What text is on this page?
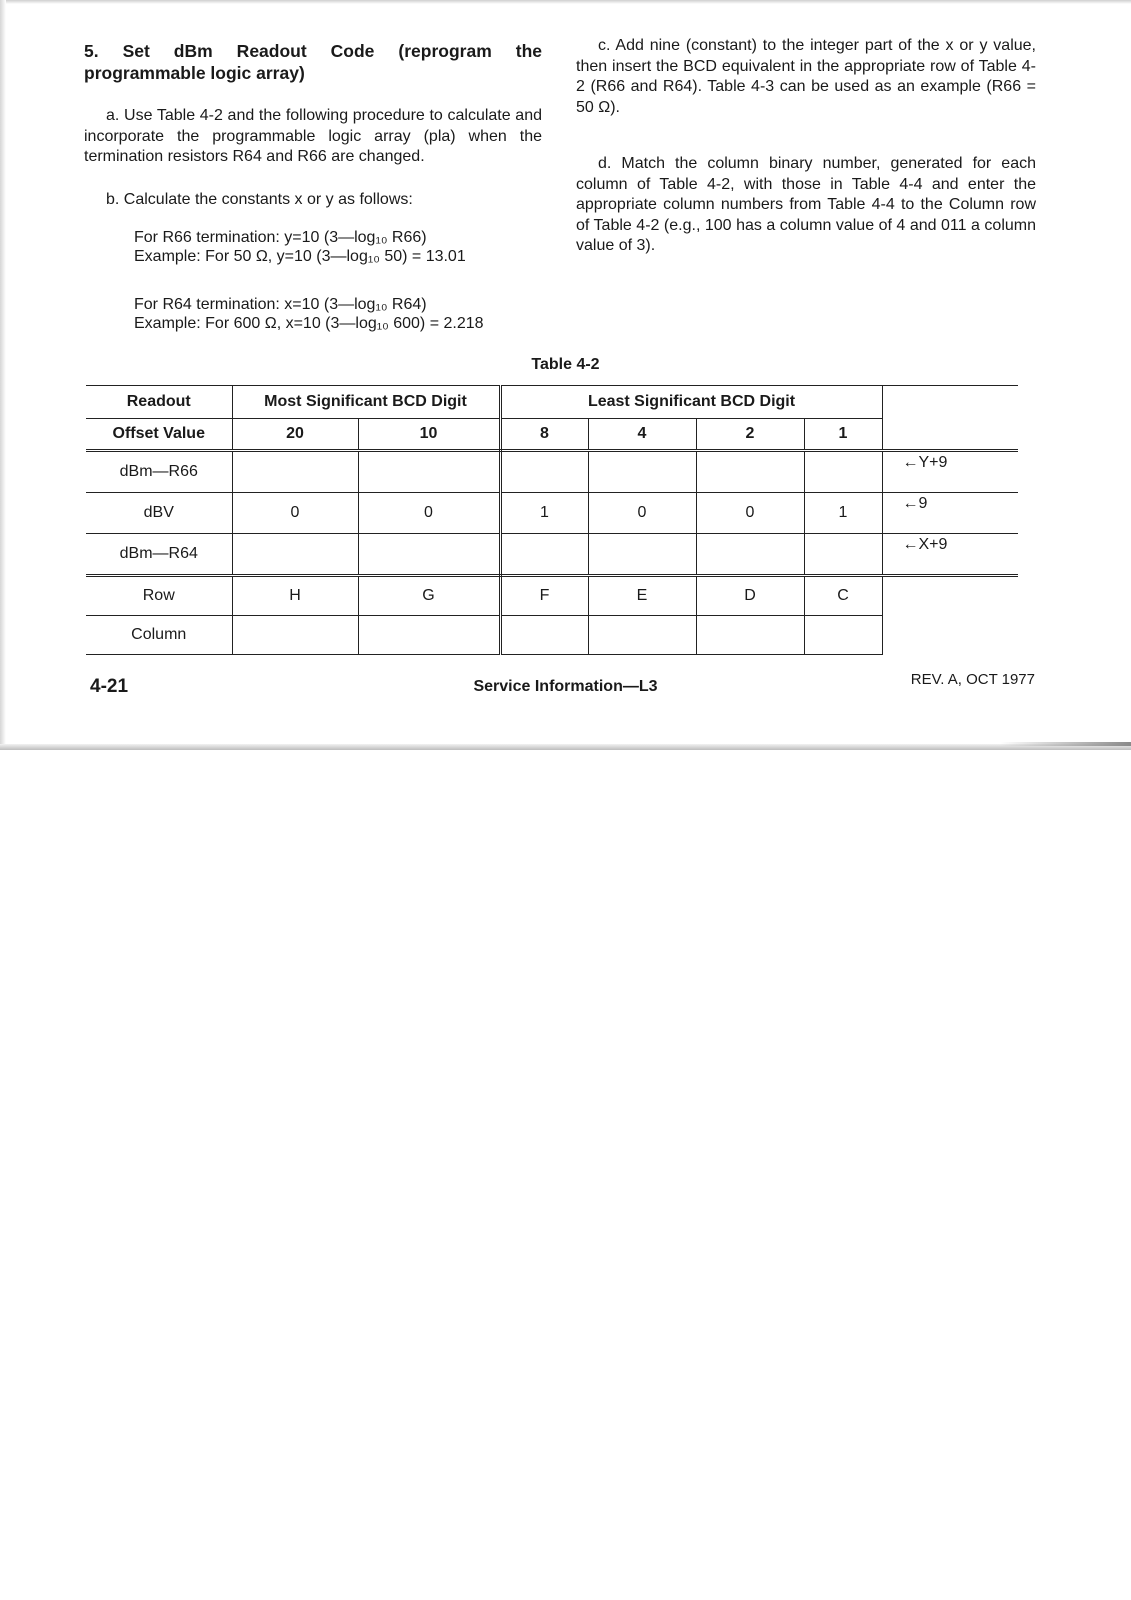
5. Set dBm Readout Code (reprogram the programmable logic array)

a. Use Table 4-2 and the following procedure to calculate and incorporate the programmable logic array (pla) when the termination resistors R64 and R66 are changed.

b. Calculate the constants x or y as follows:

For R66 termination: y=10 (3—log₁₀ R66)
Example: For 50 Ω, y=10 (3—log₁₀ 50) = 13.01
For R64 termination: x=10 (3—log₁₀ R64)
Example: For 600 Ω, x=10 (3—log₁₀ 600) = 2.218

c. Add nine (constant) to the integer part of the x or y value, then insert the BCD equivalent in the appropriate row of Table 4-2 (R66 and R64). Table 4-3 can be used as an example (R66 = 50 Ω).

d. Match the column binary number, generated for each column of Table 4-2, with those in Table 4-4 and enter the appropriate column numbers from Table 4-4 to the Column row of Table 4-2 (e.g., 100 has a column value of 4 and 011 a column value of 3).

Table 4-2
Readout	Most Significant BCD Digit		Least Significant BCD Digit				
Offset Value	20	10	8	4	2	1	
dBm—R66							←Y+9
dBV	0	0	1	0	0	1	←9
dBm—R64							←X+9
Row	H	G	F	E	D	C	
Column							
4-21	Service Information—L3	REV. A, OCT 1977
